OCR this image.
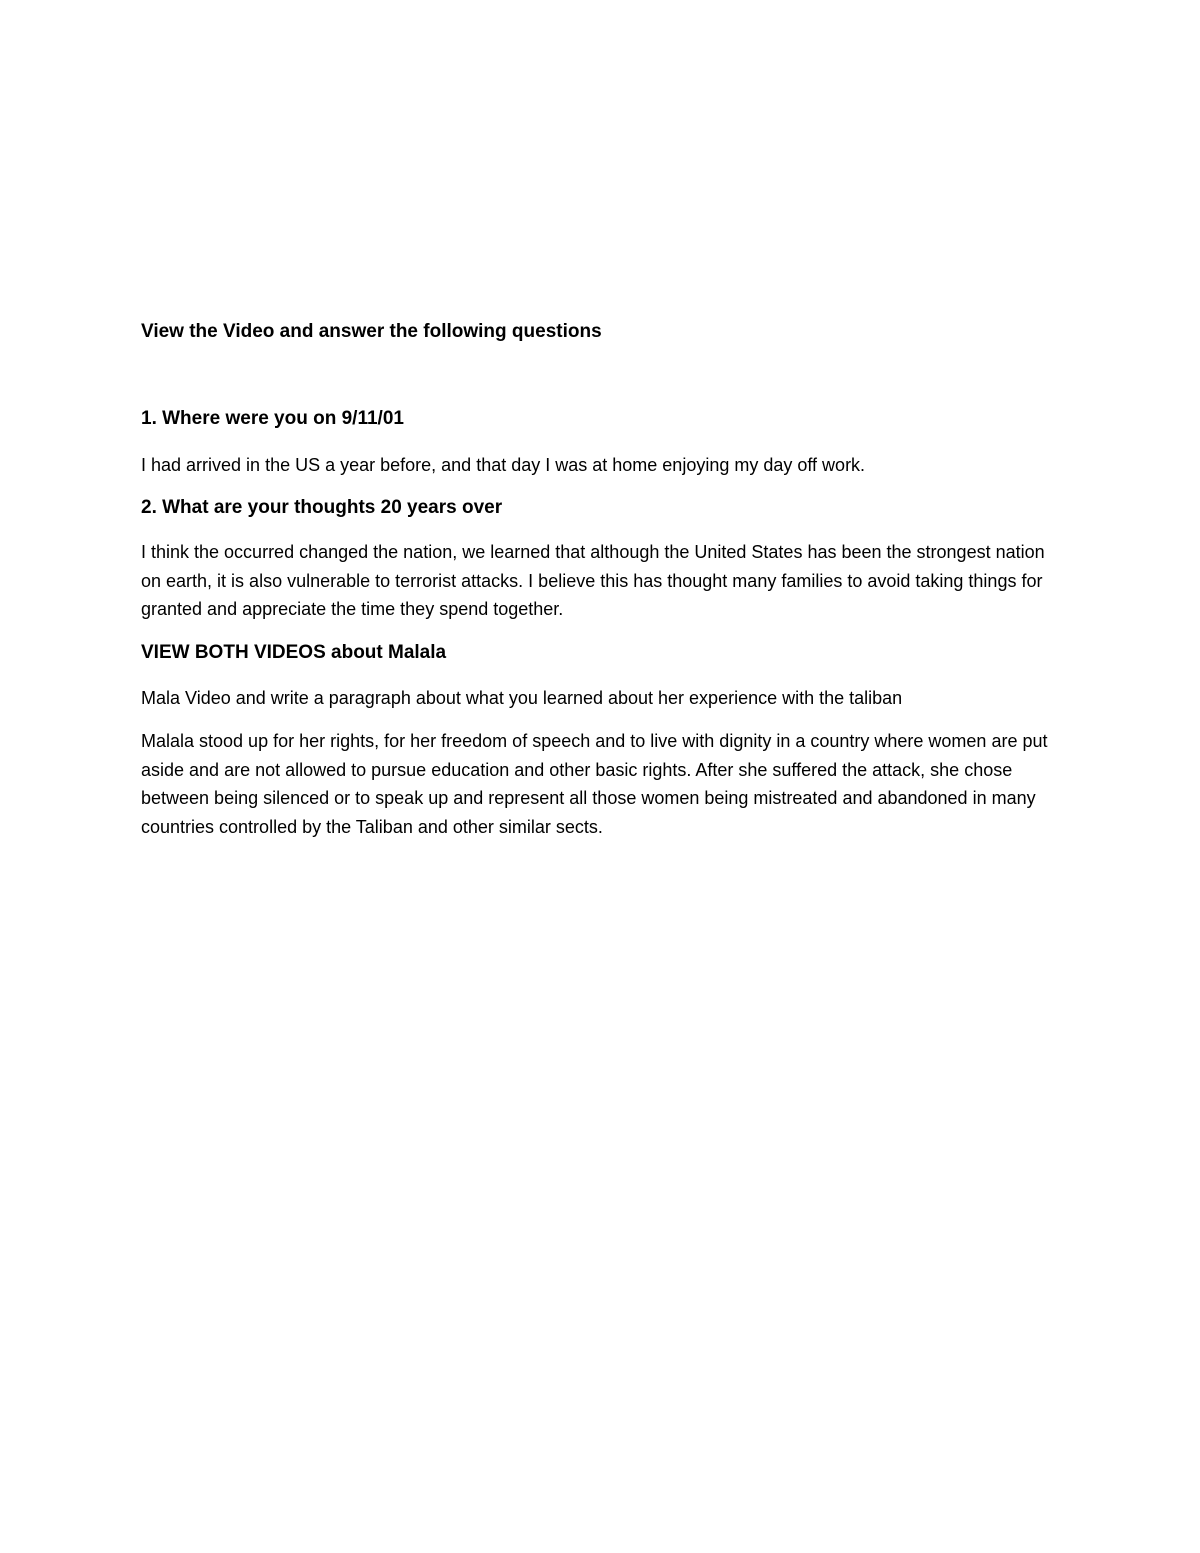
View the Video and answer the following questions

1. Where were you on 9/11/01

I had arrived in the US a year before, and that day I was at home enjoying my day off work.

2. What are your thoughts 20 years over

I think the occurred changed the nation, we learned that although the United States has been the strongest nation on earth, it is also vulnerable to terrorist attacks. I believe this has thought many families to avoid taking things for granted and appreciate the time they spend together.

VIEW BOTH VIDEOS about Malala

Mala Video and write a paragraph about what you learned about her experience with the taliban

Malala stood up for her rights, for her freedom of speech and to live with dignity in a country where women are put aside and are not allowed to pursue education and other basic rights. After she suffered the attack, she chose between being silenced or to speak up and represent all those women being mistreated and abandoned in many countries controlled by the Taliban and other similar sects.
